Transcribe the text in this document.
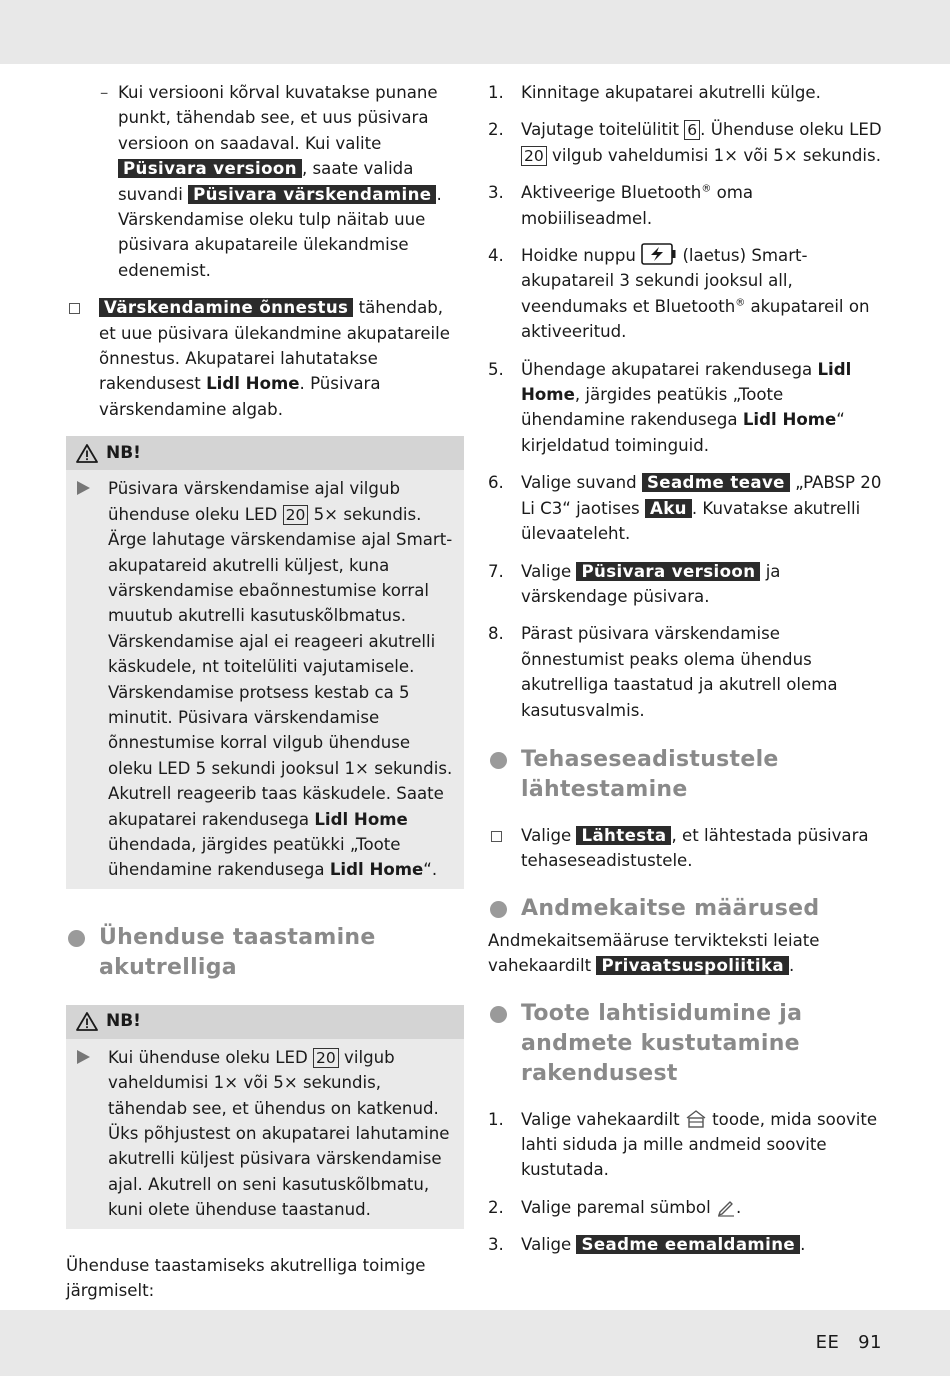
– Kui versiooni kõrval kuvatakse punane punkt, tähendab see, et uus püsivara versioon on saadaval. Kui valite Püsivara versioon , saate valida suvandi Püsivara värskendamine . Värskendamise oleku tulp näitab uue püsivara akupatareile ülekandmise edenemist.

Värskendamine õnnestus tähendab, et uue püsivara ülekandmine akupatareile õnnestus. Akupatarei lahutatakse rakendusest Lidl Home. Püsivara värskendamine algab.

NB!

Püsivara värskendamise ajal vilgub ühenduse oleku LED 20 5× sekundis. Ärge lahutage värskendamise ajal Smart-akupatareid akutrelli küljest, kuna värskendamise ebaõnnestumise korral muutub akutrelli kasutuskõlbmatus. Värskendamise ajal ei reageeri akutrelli käskudele, nt toitelüliti vajutamisele. Värskendamise protsess kestab ca 5 minutit. Püsivara värskendamise õnnestumise korral vilgub ühenduse oleku LED 5 sekundi jooksul 1× sekundis. Akutrell reageerib taas käskudele. Saate akupatarei rakendusega Lidl Home ühendada, järgides peatükki „Toote ühendamine rakendusega Lidl Home“.

Ühenduse taastamine akutrelliga
NB!

Kui ühenduse oleku LED 20 vilgub vaheldumisi 1× või 5× sekundis, tähendab see, et ühendus on katkenud. Üks põhjustest on akupatarei lahutamine akutrelli küljest püsivara värskendamise ajal. Akutrell on seni kasutuskõlbmatu, kuni olete ühenduse taastanud.

Ühenduse taastamiseks akutrelliga toimige järgmiselt:

1. Kinnitage akupatarei akutrelli külge.

2. Vajutage toitelülitit 6 . Ühenduse oleku LED 20 vilgub vaheldumisi 1× või 5× sekundis.

3. Aktiveerige Bluetooth® oma mobiiliseadmel.

4. Hoidke nuppu  (laetus) Smart-akupatareil 3 sekundi jooksul all, veendumaks et Bluetooth® akupatareil on aktiveeritud.

5. Ühendage akupatarei rakendusega Lidl Home, järgides peatükis „Toote ühendamine rakendusega Lidl Home“ kirjeldatud toiminguid.

6. Valige suvand Seadme teave „PABSP 20 Li C3“ jaotises Aku . Kuvatakse akutrelli ülevaateleht.

7. Valige Püsivara versioon ja värskendage püsivara.

8. Pärast püsivara värskendamise õnnestumist peaks olema ühendus akutrelliga taastatud ja akutrell olema kasutusvalmis.

Tehaseseadistustele lähtestamine

Valige Lähtesta , et lähtestada püsivara tehaseseadistustele.

Andmekaitse määrused

Andmekaitsemääruse tervikteksti leiate vahekaardilt Privaatsuspoliitika .

Toote lahtisidumine ja andmete kustutamine rakendusest
1. Valige vahekaardilt  toode, mida soovite lahti siduda ja mille andmeid soovite kustutada.

2. Valige paremal sümbol .

3. Valige Seadme eemaldamine .

EE 91
